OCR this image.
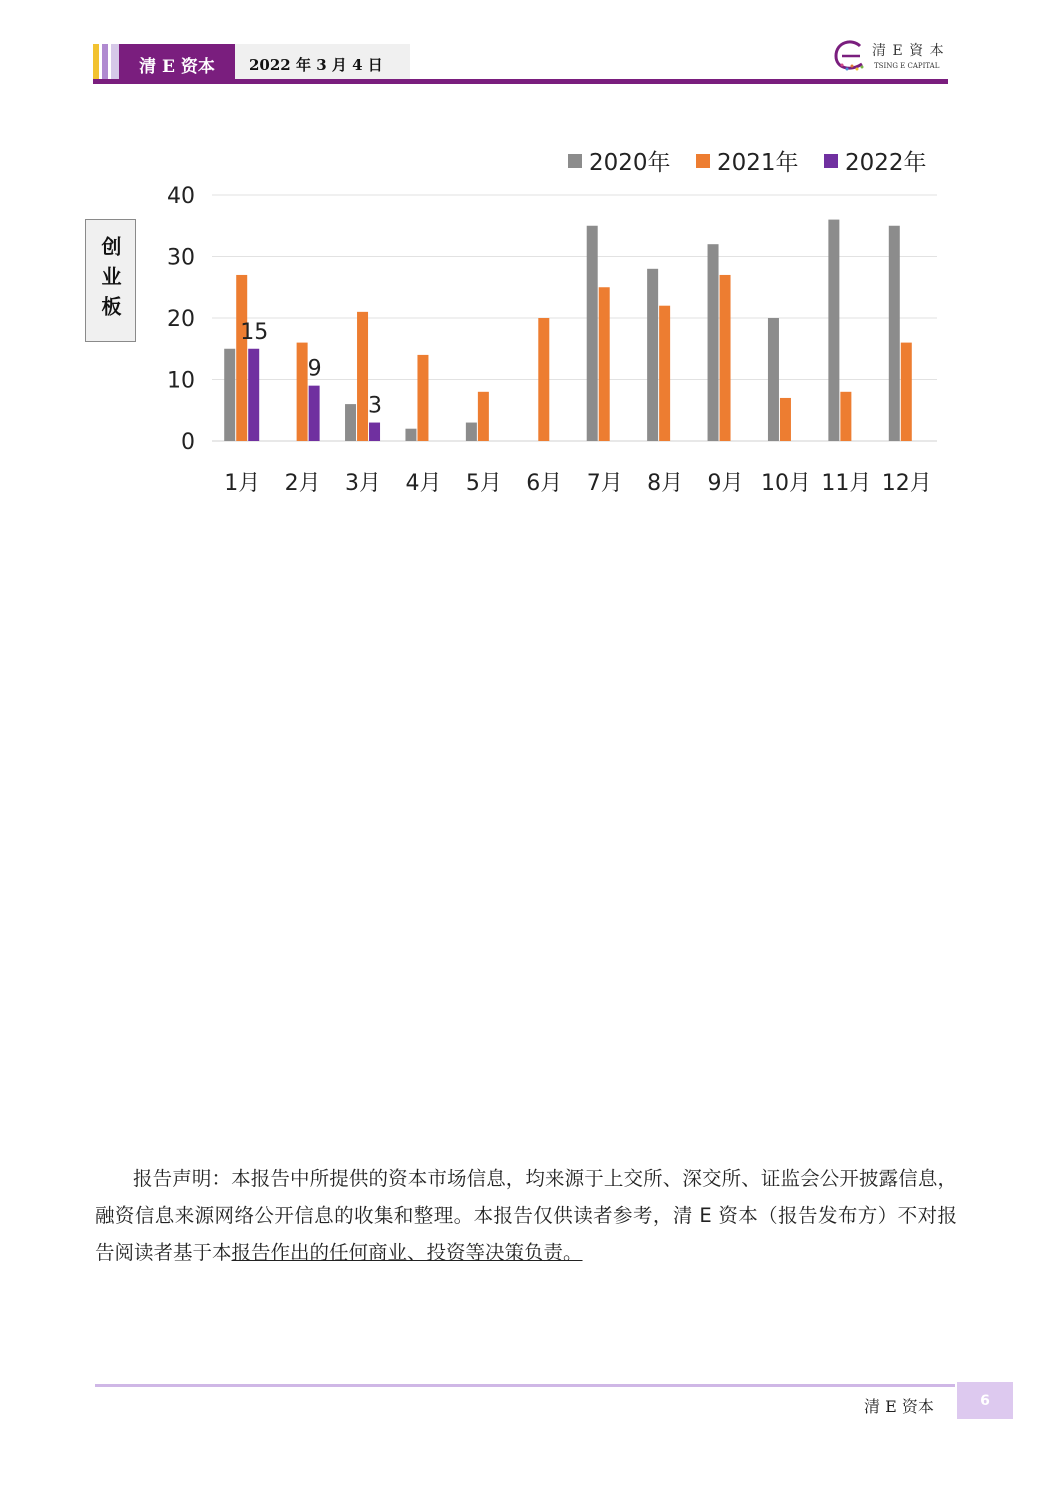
清 E 资本	2022 年 3 月 4 日
清 E 資 本
TSING E CAPITAL
0
10
20
30
40
1月 2月 3月 4月 5月 6月 7月 8月 9月 10月 11月 12月
15
9
3
2020年 2021年 2022年
创业板
报告声明：本报告中所提供的资本市场信息，均来源于上交所、深交所、证监会公开披露信息，融资信息来源网络公开信息的收集和整理。本报告仅供读者参考，清 E 资本（报告发布方）不对报告阅读者基于本报告作出的任何商业、投资等决策负责。
清 E 资本	6
